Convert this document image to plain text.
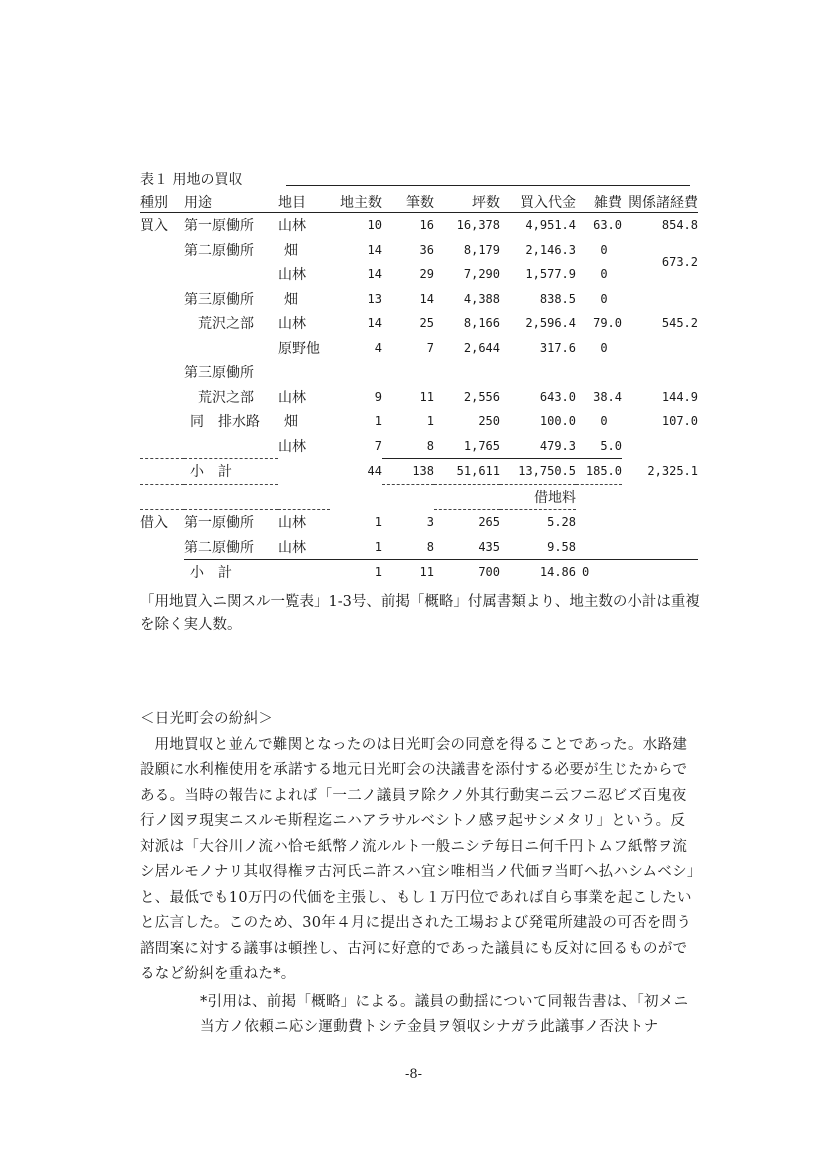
表１ 用地の買収
種別	用途	地目	地主数	筆数	坪数	買入代金	雑費	関係諸経費
買入	第一原働所	山林	10	16	16,378	4,951.4	63.0	854.8
	第二原働所	畑	14	36	8,179	2,146.3	0	673.2
		山林	14	29	7,290	1,577.9	0	
	第三原働所	畑	13	14	4,388	838.5	0	
	荒沢之部	山林	14	25	8,166	2,596.4	79.0	545.2
		原野他	4	7	2,644	317.6	0	
	第三原働所							
	荒沢之部	山林	9	11	2,556	643.0	38.4	144.9
	同　排水路	畑	1	1	250	100.0	0	107.0
		山林	7	8	1,765	479.3	5.0	
	小　計		44	138	51,611	13,750.5	185.0	2,325.1
						借地料		
借入	第一原働所	山林	1	3	265	5.28		
	第二原働所	山林	1	8	435	9.58		
	小　計		1	11	700	14.86	0	
「用地買入ニ関スル一覧表」1-3号、前掲「概略」付属書類より、地主数の小計は重複を除く実人数。

＜日光町会の紛糾＞

用地買収と並んで難関となったのは日光町会の同意を得ることであった。水路建設願に水利権使用を承諾する地元日光町会の決議書を添付する必要が生じたからである。当時の報告によれば「一二ノ議員ヲ除クノ外其行動実ニ云フニ忍ビズ百鬼夜行ノ図ヲ現実ニスルモ斯程迄ニハアラサルベシトノ感ヲ起サシメタリ」という。反対派は「大谷川ノ流ハ恰モ紙幣ノ流ルルト一般ニシテ毎日ニ何千円トムフ紙幣ヲ流シ居ルモノナリ其収得権ヲ古河氏ニ許スハ宜シ唯相当ノ代価ヲ当町ヘ払ハシムベシ」と、最低でも10万円の代価を主張し、もし１万円位であれば自ら事業を起こしたいと広言した。このため、30年４月に提出された工場および発電所建設の可否を問う諮問案に対する議事は頓挫し、古河に好意的であった議員にも反対に回るものがでるなど紛糾を重ねた*。

*引用は、前掲「概略」による。議員の動揺について同報告書は、「初メニ当方ノ依頼ニ応シ運動費トシテ金員ヲ領収シナガラ此議事ノ否決トナ

-8-
